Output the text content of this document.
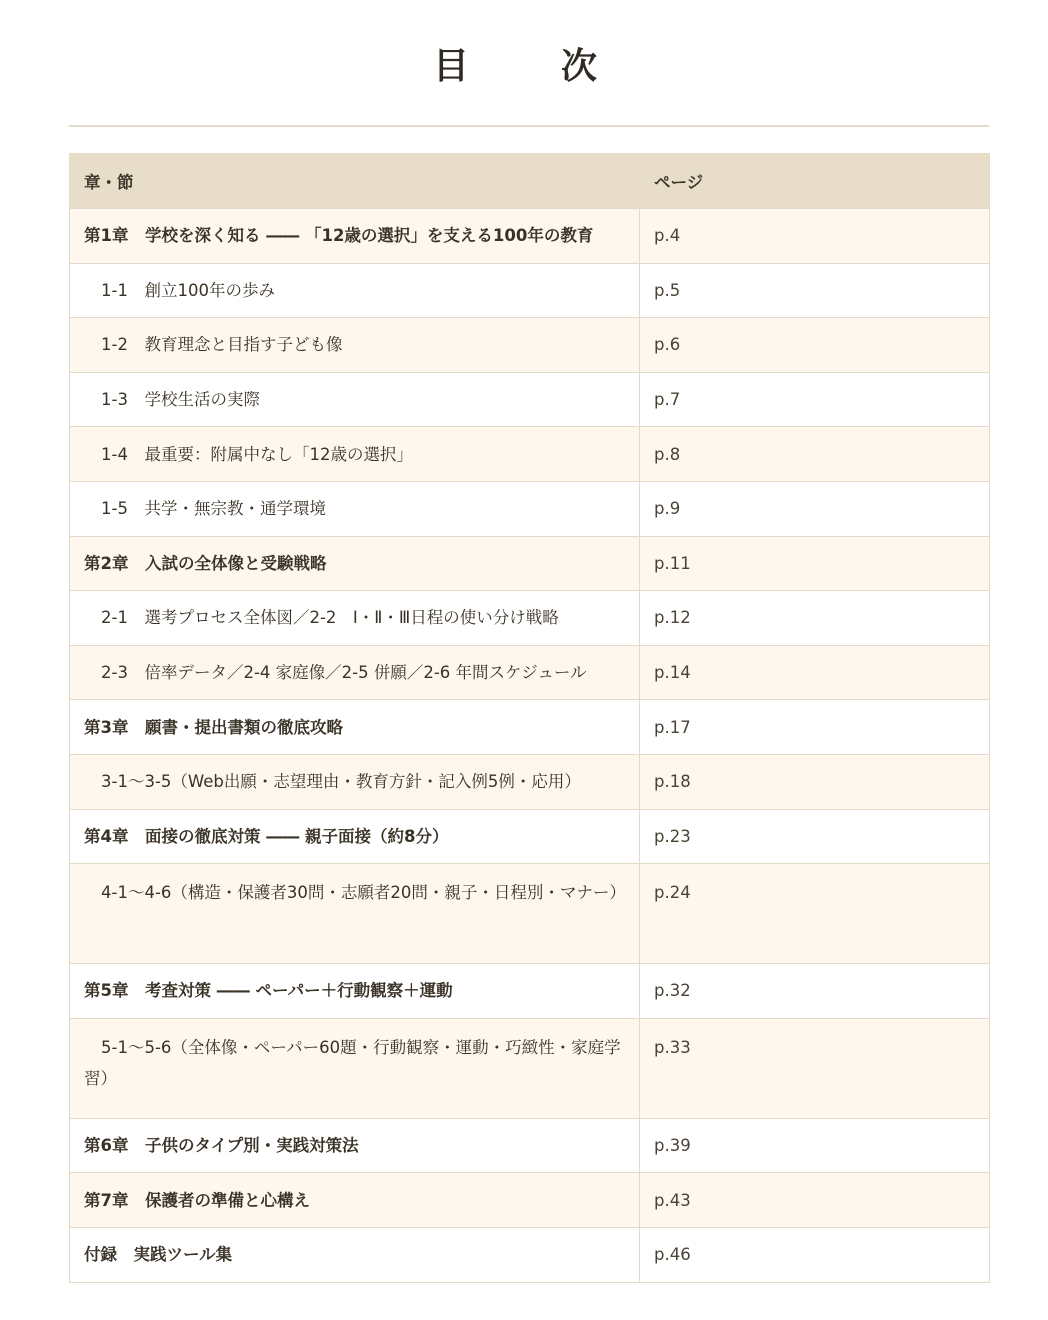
目　次
章・節	ページ
第1章　学校を深く知る ―― 「12歳の選択」を支える100年の教育	p.4
1-1　創立100年の歩み	p.5
1-2　教育理念と目指す子ども像	p.6
1-3　学校生活の実際	p.7
1-4　最重要：附属中なし「12歳の選択」	p.8
1-5　共学・無宗教・通学環境	p.9
第2章　入試の全体像と受験戦略	p.11
2-1　選考プロセス全体図／2-2　Ⅰ・Ⅱ・Ⅲ日程の使い分け戦略	p.12
2-3　倍率データ／2-4 家庭像／2-5 併願／2-6 年間スケジュール	p.14
第3章　願書・提出書類の徹底攻略	p.17
3-1〜3-5（Web出願・志望理由・教育方針・記入例5例・応用）	p.18
第4章　面接の徹底対策 ―― 親子面接（約8分）	p.23
4-1〜4-6（構造・保護者30問・志願者20問・親子・日程別・マナー）	p.24
第5章　考査対策 ―― ペーパー＋行動観察＋運動	p.32
5-1〜5-6（全体像・ペーパー60題・行動観察・運動・巧緻性・家庭学習）	p.33
第6章　子供のタイプ別・実践対策法	p.39
第7章　保護者の準備と心構え	p.43
付録　実践ツール集	p.46
